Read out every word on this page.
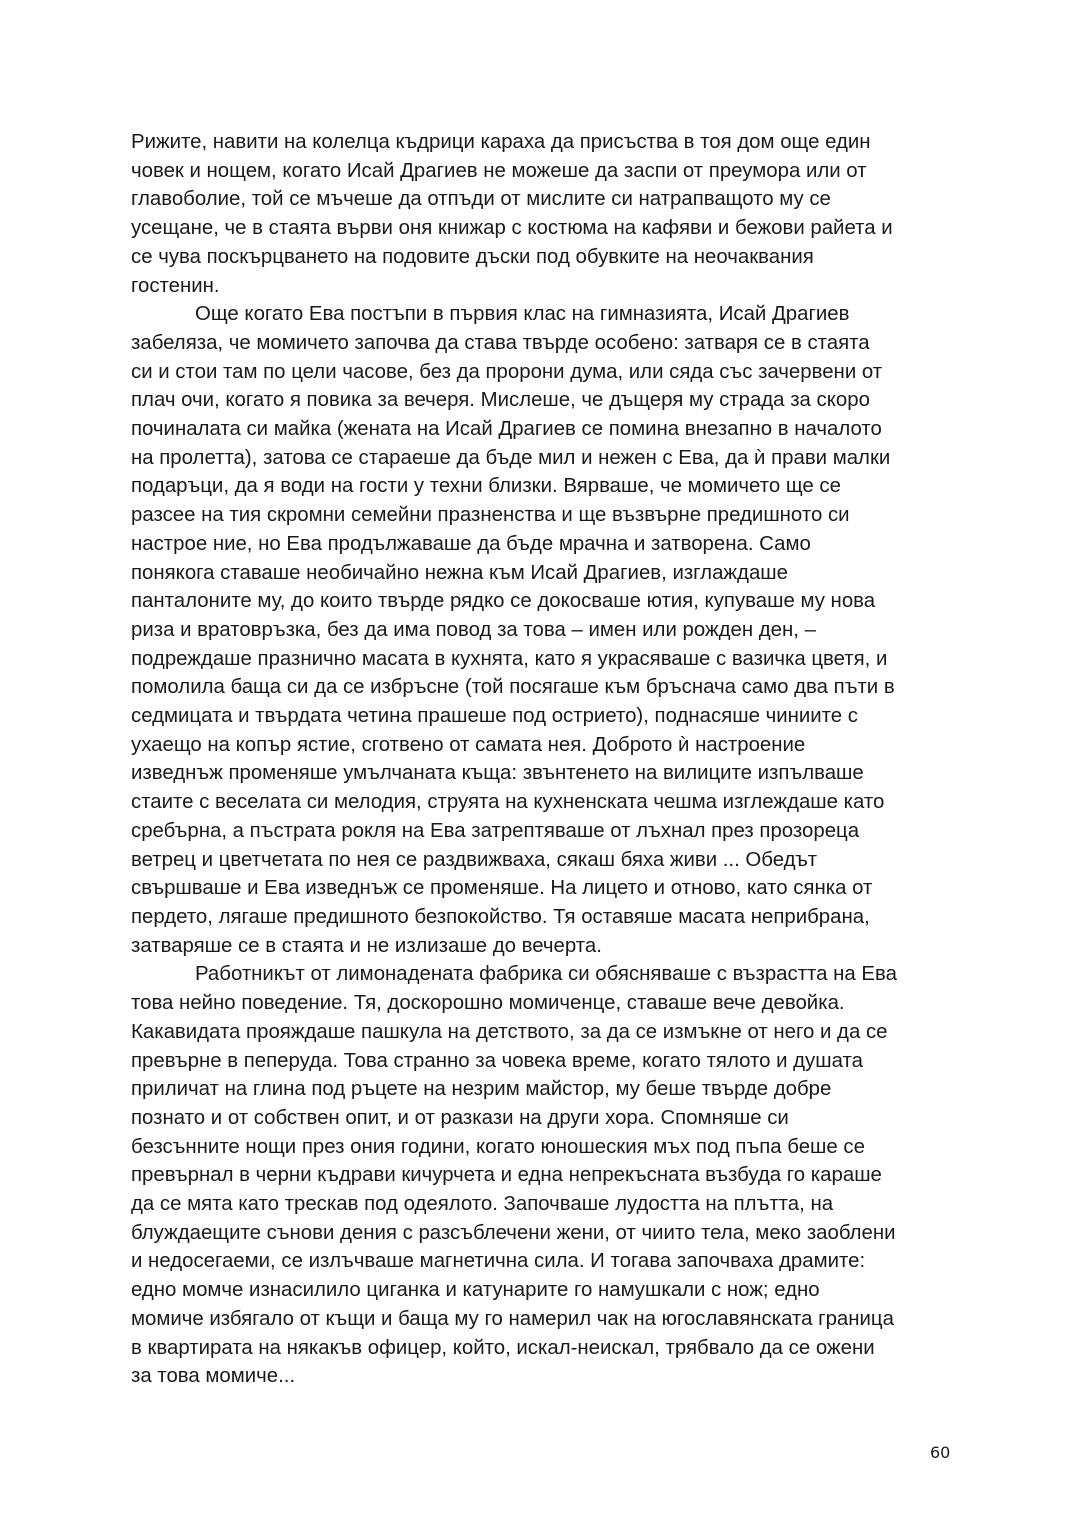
Рижите, навити на колелца къдрици караха да присъства в тоя дом още един
човек и нощем, когато Исай Драгиев не можеше да заспи от преумора или от
главоболие, той се мъчеше да отпъди от мислите си натрапващото му се
усещане, че в стаята върви оня книжар с костюма на кафяви и бежови райета и
се чува поскърцването на подовите дъски под обувките на неочаквания
гостенин.
Още когато Ева постъпи в първия клас на гимназията, Исай Драгиев
забеляза, че момичето започва да става твърде особено: затваря се в стаята
си и стои там по цели часове, без да пророни дума, или сяда със зачервени от
плач очи, когато я повика за вечеря. Мислеше, че дъщеря му страда за скоро
починалата си майка (жената на Исай Драгиев се помина внезапно в началото
на пролетта), затова се стараеше да бъде мил и нежен с Ева, да ѝ прави малки
подаръци, да я води на гости у техни близки. Вярваше, че момичето ще се
разсее на тия скромни семейни празненства и ще възвърне предишното си
настрое ние, но Ева продължаваше да бъде мрачна и затворена. Само
понякога ставаше необичайно нежна към Исай Драгиев, изглаждаше
панталоните му, до които твърде рядко се докосваше ютия, купуваше му нова
риза и вратовръзка, без да има повод за това – имен или рожден ден, –
подреждаше празнично масата в кухнята, като я украсяваше с вазичка цветя, и
помолила баща си да се избръсне (той посягаше към бръснача само два пъти в
седмицата и твърдата четина прашеше под острието), поднасяше чиниите с
ухаещо на копър ястие, сготвено от самата нея. Доброто ѝ настроение
изведнъж променяше умълчаната къща: звънтенето на вилиците изпълваше
стаите с веселата си мелодия, струята на кухненската чешма изглеждаше като
сребърна, а пъстрата рокля на Ева затрептяваше от лъхнал през прозореца
ветрец и цветчетата по нея се раздвижваха, сякаш бяха живи ... Обедът
свършваше и Ева изведнъж се променяше. На лицето и отново, като сянка от
пердето, лягаше предишното безпокойство. Тя оставяше масата неприбрана,
затваряше се в стаята и не излизаше до вечерта.
Работникът от лимонадената фабрика си обясняваше с възрастта на Ева
това нейно поведение. Тя, доскорошно момиченце, ставаше вече девойка.
Какавидата прояждаше пашкула на детството, за да се измъкне от него и да се
превърне в пеперуда. Това странно за човека време, когато тялото и душата
приличат на глина под ръцете на незрим майстор, му беше твърде добре
познато и от собствен опит, и от разкази на други хора. Спомняше си
безсънните нощи през ония години, когато юношеския мъх под пъпа беше се
превърнал в черни къдрави кичурчета и една непрекъсната възбуда го караше
да се мята като трескав под одеялото. Започваше лудостта на плътта, на
блуждаещите сънови дения с разсъблечени жени, от чиито тела, меко заоблени
и недосегаеми, се излъчваше магнетична сила. И тогава започваха драмите:
едно момче изнасилило циганка и катунарите го намушкали с нож; едно
момиче избягало от къщи и баща му го намерил чак на югославянската граница
в квартирата на някакъв офицер, който, искал-неискал, трябвало да се ожени
за това момиче...
60
